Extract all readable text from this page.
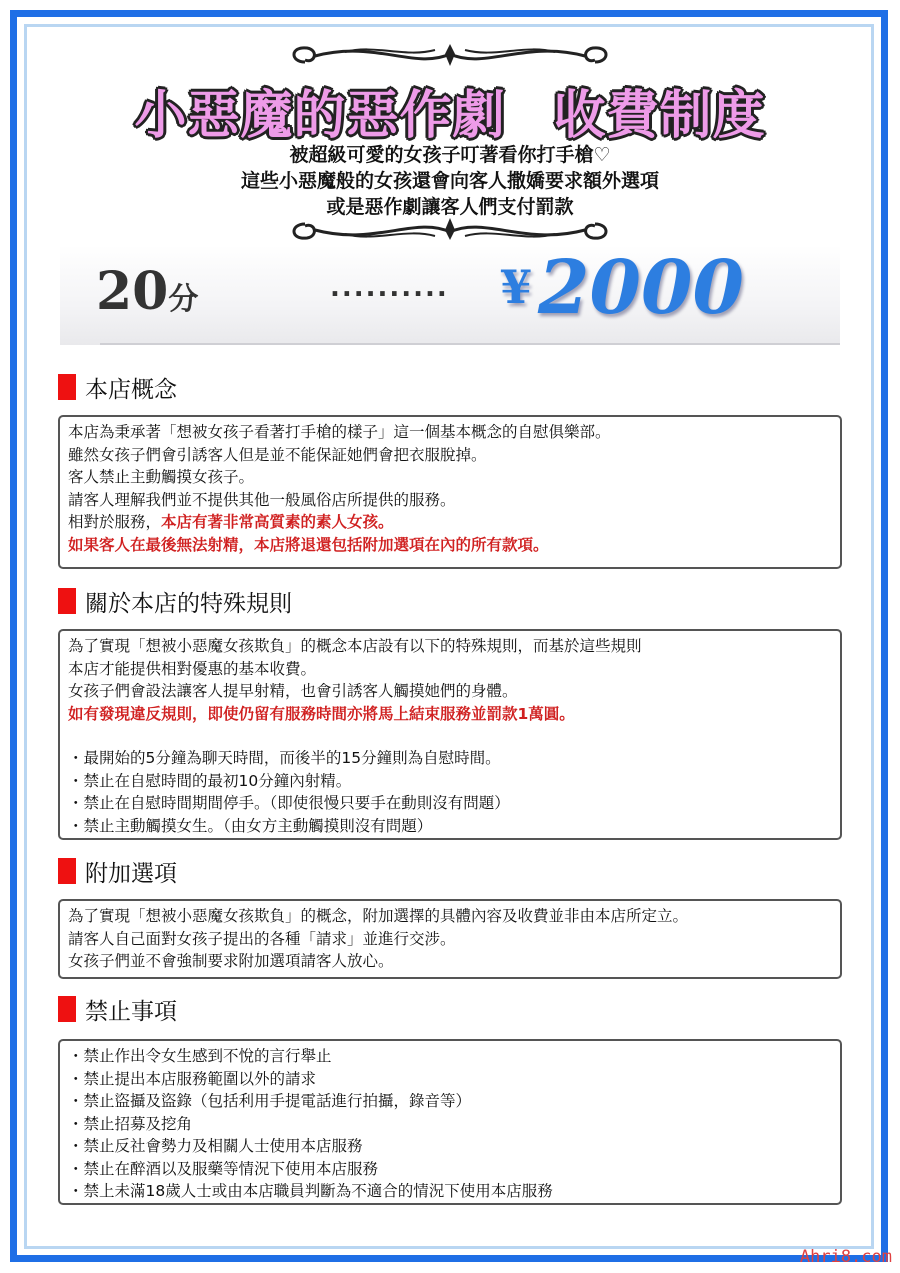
小惡魔的惡作劇 收費制度
被超級可愛的女孩子叮著看你打手槍♡
這些小惡魔般的女孩還會向客人撒嬌要求額外選項
或是惡作劇讓客人們支付罰款
20分	.......... ¥2000
本店概念
本店為秉承著「想被女孩子看著打手槍的樣子」這一個基本概念的自慰俱樂部。
雖然女孩子們會引誘客人但是並不能保証她們會把衣服脫掉。
客人禁止主動觸摸女孩子。
請客人理解我們並不提供其他一般風俗店所提供的服務。
相對於服務，本店有著非常高質素的素人女孩。
如果客人在最後無法射精，本店將退還包括附加選項在內的所有款項。
關於本店的特殊規則
為了實現「想被小惡魔女孩欺負」的概念本店設有以下的特殊規則，而基於這些規則
本店才能提供相對優惠的基本收費。
女孩子們會設法讓客人提早射精，也會引誘客人觸摸她們的身體。
如有發現違反規則，即使仍留有服務時間亦將馬上結束服務並罰款1萬圓。
・最開始的5分鐘為聊天時間，而後半的15分鐘則為自慰時間。
・禁止在自慰時間的最初10分鐘內射精。
・禁止在自慰時間期間停手。（即使很慢只要手在動則沒有問題）
・禁止主動觸摸女生。（由女方主動觸摸則沒有問題）
附加選項
為了實現「想被小惡魔女孩欺負」的概念，附加選擇的具體內容及收費並非由本店所定立。
請客人自己面對女孩子提出的各種「請求」並進行交涉。
女孩子們並不會強制要求附加選項請客人放心。
禁止事項
・禁止作出令女生感到不悅的言行舉止
・禁止提出本店服務範圍以外的請求
・禁止盜攝及盜錄（包括利用手提電話進行拍攝，錄音等）
・禁止招募及挖角
・禁止反社會勢力及相關人士使用本店服務
・禁止在醉酒以及服藥等情況下使用本店服務
・禁上未滿18歲人士或由本店職員判斷為不適合的情況下使用本店服務
Ahri8.com
